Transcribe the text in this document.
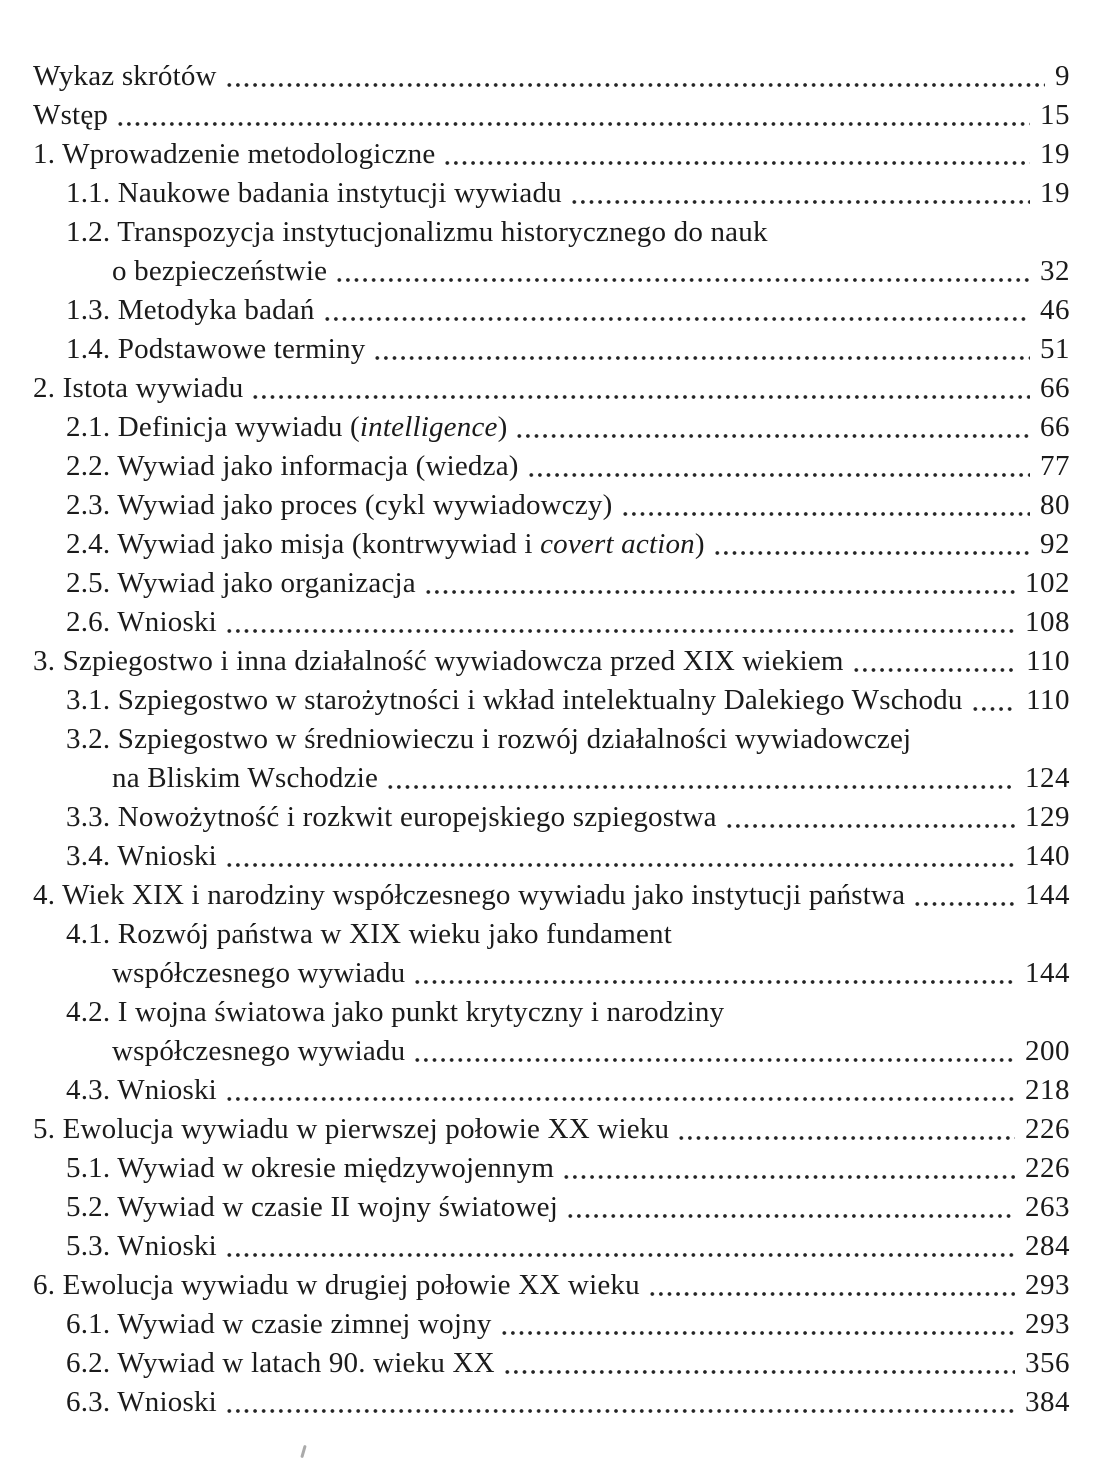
Wykaz skrótów	9
Wstęp	15
1. Wprowadzenie metodologiczne	19
1.1. Naukowe badania instytucji wywiadu	19
1.2. Transpozycja instytucjonalizmu historycznego do nauk
o bezpieczeństwie	32
1.3. Metodyka badań	46
1.4. Podstawowe terminy	51
2. Istota wywiadu	66
2.1. Definicja wywiadu (intelligence)	66
2.2. Wywiad jako informacja (wiedza)	77
2.3. Wywiad jako proces (cykl wywiadowczy)	80
2.4. Wywiad jako misja (kontrwywiad i covert action)	92
2.5. Wywiad jako organizacja	102
2.6. Wnioski	108
3. Szpiegostwo i inna działalność wywiadowcza przed XIX wiekiem	110
3.1. Szpiegostwo w starożytności i wkład intelektualny Dalekiego Wschodu 110
3.2. Szpiegostwo w średniowieczu i rozwój działalności wywiadowczej
na Bliskim Wschodzie	124
3.3. Nowożytność i rozkwit europejskiego szpiegostwa	129
3.4. Wnioski	140
4. Wiek XIX i narodziny współczesnego wywiadu jako instytucji państwa	144
4.1. Rozwój państwa w XIX wieku jako fundament
współczesnego wywiadu	144
4.2. I wojna światowa jako punkt krytyczny i narodziny
współczesnego wywiadu	200
4.3. Wnioski	218
5. Ewolucja wywiadu w pierwszej połowie XX wieku	226
5.1. Wywiad w okresie międzywojennym	226
5.2. Wywiad w czasie II wojny światowej	263
5.3. Wnioski	284
6. Ewolucja wywiadu w drugiej połowie XX wieku	293
6.1. Wywiad w czasie zimnej wojny	293
6.2. Wywiad w latach 90. wieku XX	356
6.3. Wnioski	384
